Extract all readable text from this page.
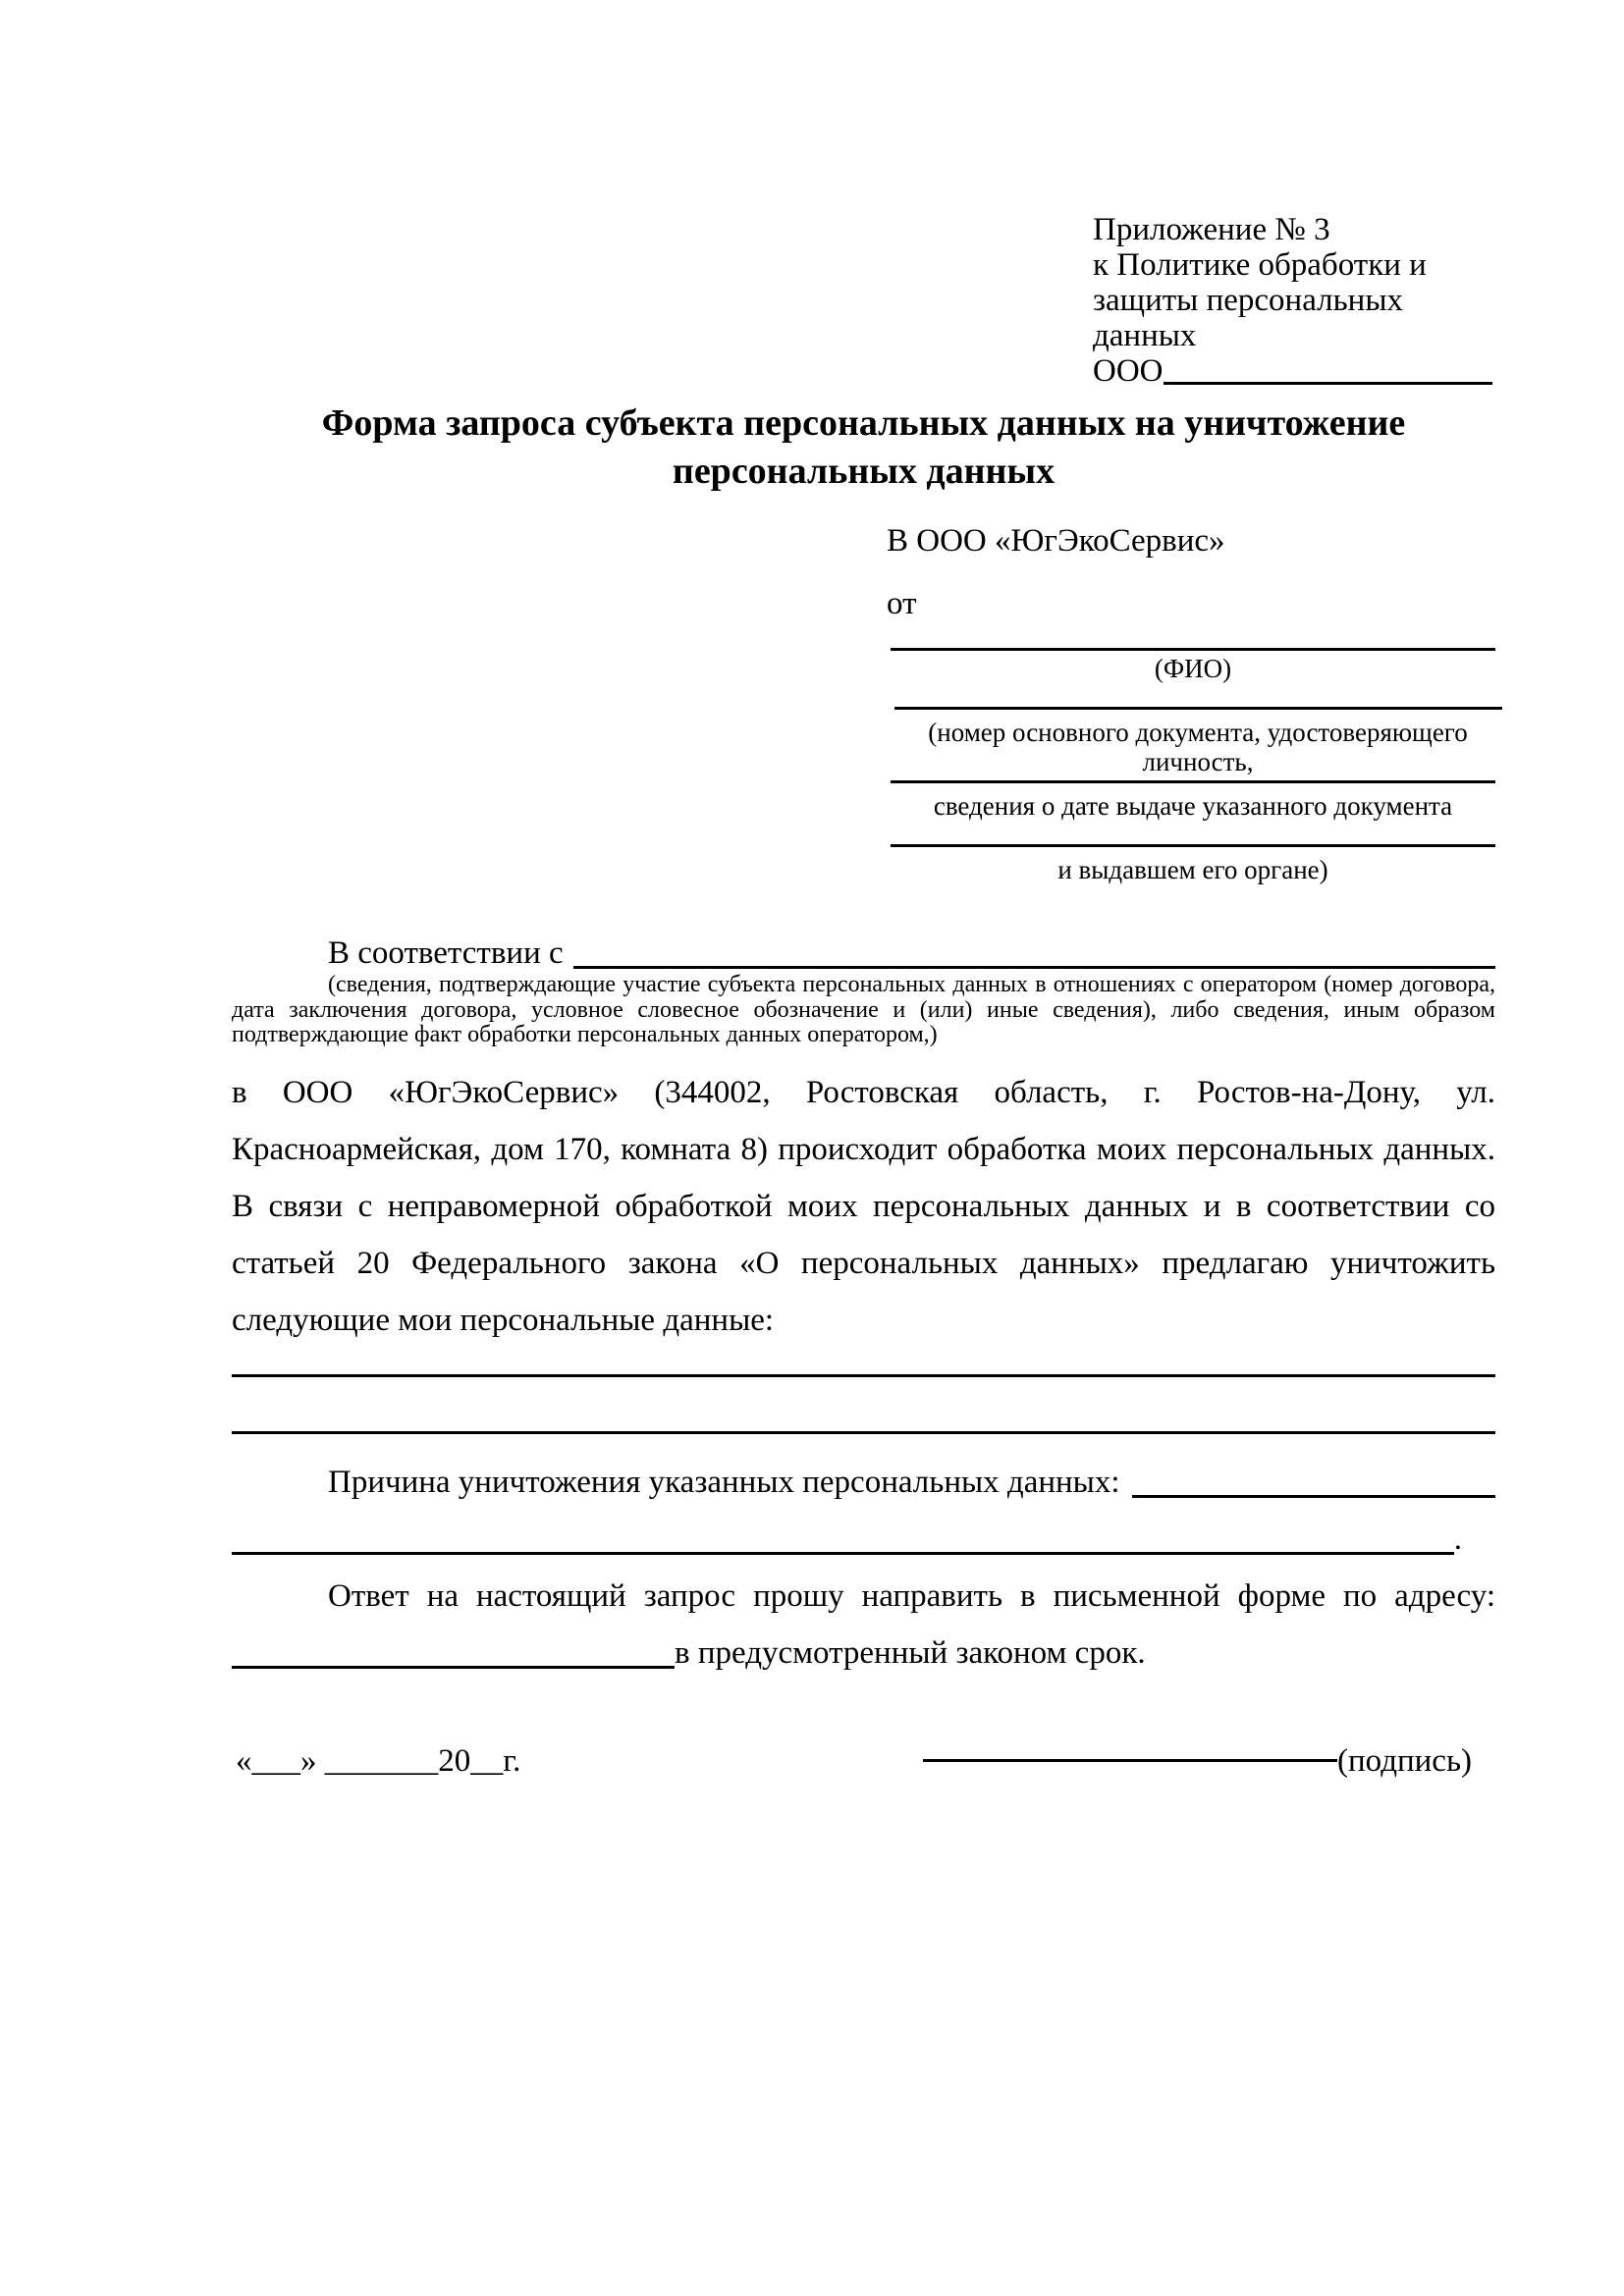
Приложение № 3
к Политике обработки и
защиты персональных данных
ООО
Форма запроса субъекта персональных данных на уничтожение персональных данных
В ООО «ЮгЭкоСервис»
от
(ФИО)
(номер основного документа, удостоверяющего личность,
сведения о дате выдаче указанного документа
и выдавшем его органе)
В соответствии с
(сведения, подтверждающие участие субъекта персональных данных в отношениях с оператором (номер договора, дата заключения договора, условное словесное обозначение и (или) иные сведения), либо сведения, иным образом подтверждающие факт обработки персональных данных оператором,)
в ООО «ЮгЭкоСервис» (344002, Ростовская область, г. Ростов-на-Дону, ул. Красноармейская, дом 170, комната 8) происходит обработка моих персональных данных. В связи с неправомерной обработкой моих персональных данных и в соответствии со статьей 20 Федерального закона «О персональных данных» предлагаю уничтожить следующие мои персональные данные:
Причина уничтожения указанных персональных данных:
.
Ответ на настоящий запрос прошу направить в письменной форме по адресу:
в предусмотренный законом срок.
«___» _______20__г.	(подпись)
